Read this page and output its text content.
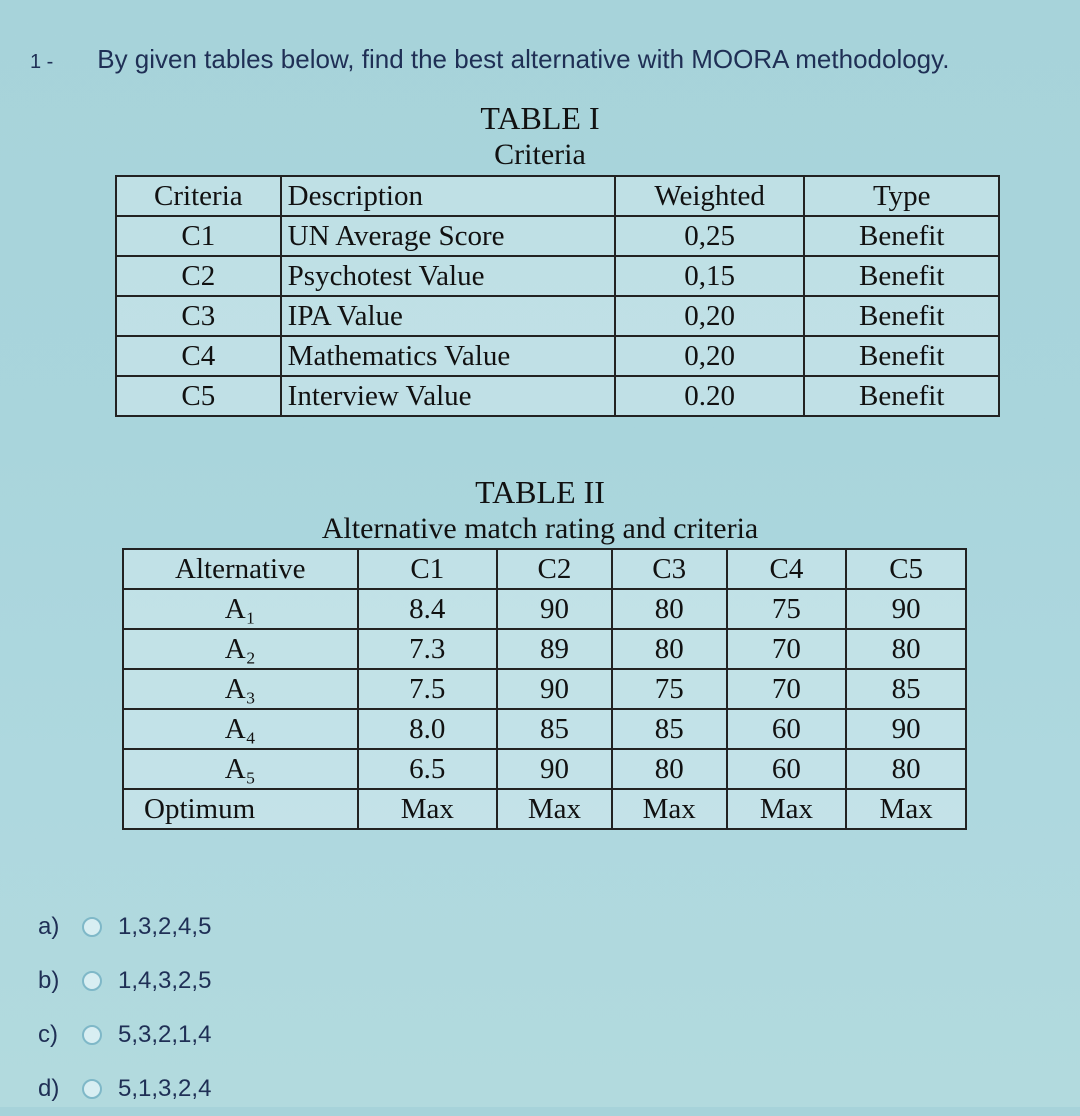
1 - By given tables below, find the best alternative with MOORA methodology.
TABLE I
Criteria
Criteria	Description	Weighted	Type
C1	UN Average Score	0,25	Benefit
C2	Psychotest Value	0,15	Benefit
C3	IPA Value	0,20	Benefit
C4	Mathematics Value	0,20	Benefit
C5	Interview Value	0.20	Benefit
TABLE II
Alternative match rating and criteria
Alternative	C1	C2	C3	C4	C5
A₁	8.4	90	80	75	90
A₂	7.3	89	80	70	80
A₃	7.5	90	75	70	85
A₄	8.0	85	85	60	90
A₅	6.5	90	80	60	80
Optimum	Max	Max	Max	Max	Max
a)	1,3,2,4,5
b)	1,4,3,2,5
c)	5,3,2,1,4
d)	5,1,3,2,4
